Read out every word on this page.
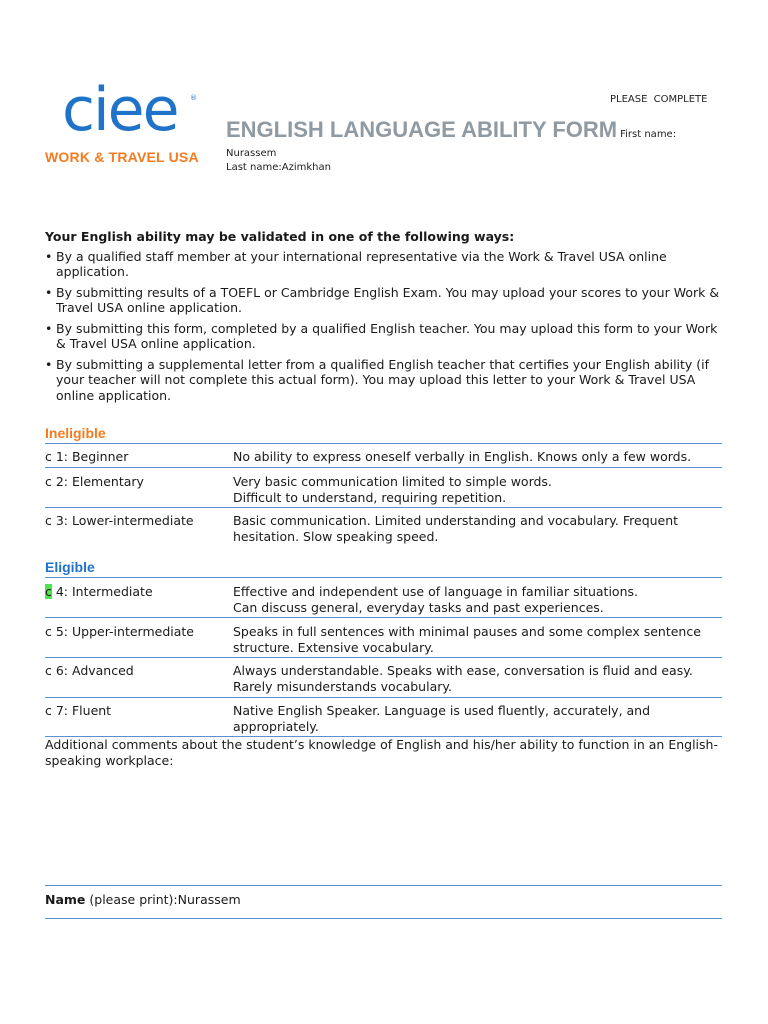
ciee ®
WORK & TRAVEL USA
PLEASE COMPLETE
ENGLISH LANGUAGE ABILITY FORM First name:
Nurassem
Last name:Azimkhan
Your English ability may be validated in one of the following ways:
• By a qualified staff member at your international representative via the Work & Travel USA online application.
• By submitting results of a TOEFL or Cambridge English Exam. You may upload your scores to your Work & Travel USA online application.
• By submitting this form, completed by a qualified English teacher. You may upload this form to your Work & Travel USA online application.
• By submitting a supplemental letter from a qualified English teacher that certifies your English ability (if your teacher will not complete this actual form). You may upload this letter to your Work & Travel USA online application.
Ineligible
c 1: Beginner	No ability to express oneself verbally in English. Knows only a few words.
c 2: Elementary	Very basic communication limited to simple words.
Difficult to understand, requiring repetition.
c 3: Lower-intermediate	Basic communication. Limited understanding and vocabulary. Frequent hesitation. Slow speaking speed.
Eligible
c 4: Intermediate	Effective and independent use of language in familiar situations.
Can discuss general, everyday tasks and past experiences.
c 5: Upper-intermediate	Speaks in full sentences with minimal pauses and some complex sentence structure. Extensive vocabulary.
c 6: Advanced	Always understandable. Speaks with ease, conversation is fluid and easy.
Rarely misunderstands vocabulary.
c 7: Fluent	Native English Speaker. Language is used fluently, accurately, and appropriately.
Additional comments about the student’s knowledge of English and his/her ability to function in an English-speaking workplace:
Name (please print):Nurassem
